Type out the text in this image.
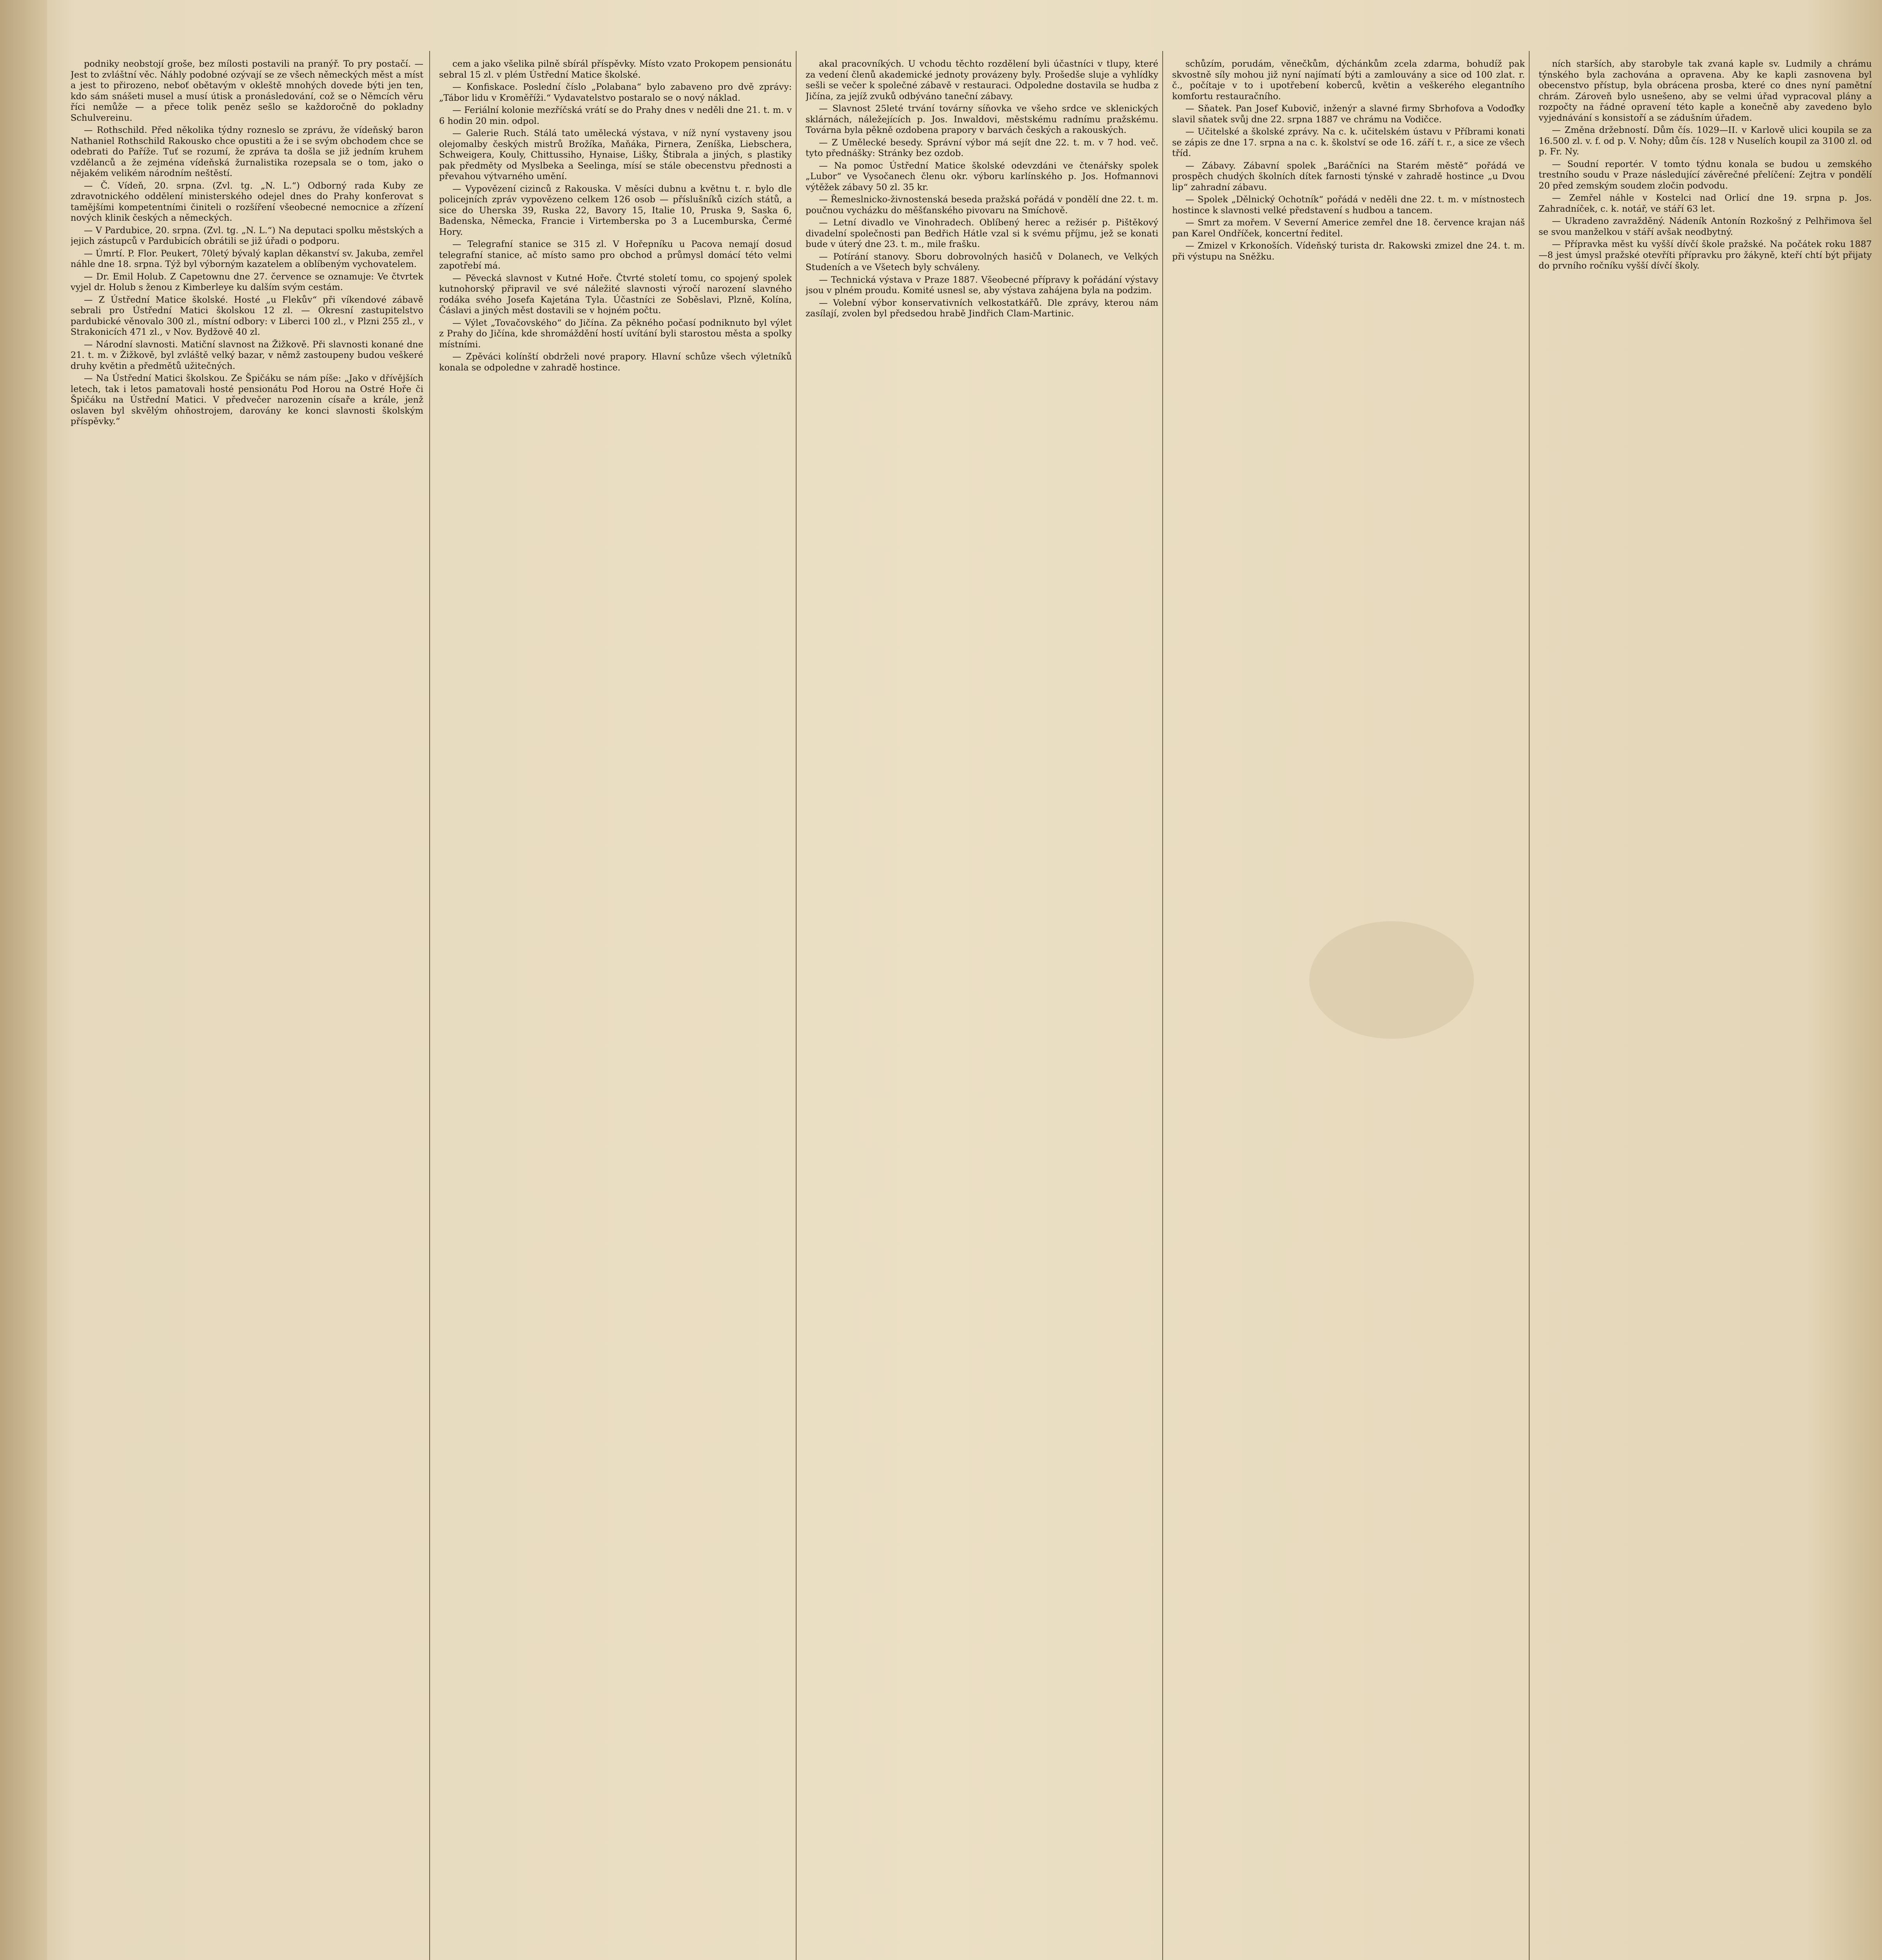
podniky neobstojí groše, bez mílosti postavili na pranýř. To pry postačí. — Jest to zvláštní věc. Náhly podobné ozývají se ze všech německých měst a míst a jest to přirozeno, neboť obětavým v okleště mnohých dovede býti jen ten, kdo sám snášeti musel a musí útisk a pronásledování, což se o Němcích věru říci nemůže — a přece tolik peněz sešlo se každoročně do pokladny Schulvereinu.

— Rothschild. Před několika týdny rozneslo se zprávu, že vídeňský baron Nathaniel Rothschild Rakousko chce opustiti a že i se svým obchodem chce se odebrati do Paříže. Tuť se rozumí, že zpráva ta došla se již jedním kruhem vzdělanců a že zejména vídeňská žurnalistika rozepsala se o tom, jako o nějakém velikém národním neštěstí.

— Č. Vídeň, 20. srpna. (Zvl. tg. „N. L.“) Odborný rada Kuby ze zdravotnického oddělení ministerského odejel dnes do Prahy konferovat s tamějšími kompetentními činiteli o rozšíření všeobecné nemocnice a zřízení nových klinik českých a německých.

— V Pardubice, 20. srpna. (Zvl. tg. „N. L.“) Na deputaci spolku městských a jejich zástupců v Pardubicích obrátili se již úřadi o podporu.

— Úmrtí. P. Flor. Peukert, 70letý bývalý kaplan děkanství sv. Jakuba, zemřel náhle dne 18. srpna. Týž byl výborným kazatelem a oblíbeným vychovatelem.

— Dr. Emil Holub. Z Capetownu dne 27. července se oznamuje: Ve čtvrtek vyjel dr. Holub s ženou z Kimberleye ku dalším svým cestám.

— Z Ústřední Matice školské. Hosté „u Flekův“ při víkendové zábavě sebrali pro Ústřední Matici školskou 12 zl. — Okresní zastupitelstvo pardubické věnovalo 300 zl., místní odbory: v Liberci 100 zl., v Plzni 255 zl., v Strakonicích 471 zl., v Nov. Bydžově 40 zl.

— Národní slavnosti. Matiční slavnost na Žižkově. Při slavnosti konané dne 21. t. m. v Žižkově, byl zvláště velký bazar, v němž zastoupeny budou veškeré druhy květin a předmětů užitečných.

— Na Ústřední Matici školskou. Ze Špičáku se nám píše: „Jako v dřívějších letech, tak i letos pamatovali hosté pensionátu Pod Horou na Ostré Hoře či Špičáku na Ústřední Matici. V předvečer narozenin císaře a krále, jenž oslaven byl skvělým ohňostrojem, darovány ke konci slavnosti školským příspěvky.“

cem a jako všelika pilně sbírál příspěvky. Místo vzato Prokopem pensionátu sebral 15 zl. v plém Ústřední Matice školské.

— Konfiskace. Poslední číslo „Polabana“ bylo zabaveno pro dvě zprávy: „Tábor lidu v Kroměříži.“ Vydavatelstvo postaralo se o nový náklad.

— Feriální kolonie mezříčská vrátí se do Prahy dnes v neděli dne 21. t. m. v 6 hodin 20 min. odpol.

— Galerie Ruch. Stálá tato umělecká výstava, v níž nyní vystaveny jsou olejomalby českých mistrů Brožíka, Maňáka, Pirnera, Zeníška, Liebschera, Schweigera, Kouly, Chittussiho, Hynaise, Lišky, Štibrala a jiných, s plastiky pak předměty od Myslbeka a Seelinga, mísí se stále obecenstvu přednosti a převahou výtvarného umění.

— Vypovězení cizinců z Rakouska. V měsíci dubnu a květnu t. r. bylo dle policejních zpráv vypovězeno celkem 126 osob — příslušníků cizích států, a sice do Uherska 39, Ruska 22, Bavory 15, Italie 10, Pruska 9, Saska 6, Badenska, Německa, Francie i Virtemberska po 3 a Lucemburska, Čermé Hory.

— Telegrafní stanice se 315 zl. V Hořepníku u Pacova nemají dosud telegrafní stanice, ač místo samo pro obchod a průmysl domácí této velmi zapotřebí má.

— Pěvecká slavnost v Kutné Hoře. Čtvrté století tomu, co spojený spolek kutnohorský připravil ve své náležité slavnosti výročí narození slavného rodáka svého Josefa Kajetána Tyla. Účastníci ze Soběslavi, Plzně, Kolína, Čáslavi a jiných měst dostavili se v hojném počtu.

— Výlet „Tovačovského“ do Jičína. Za pěkného počasí podniknuto byl výlet z Prahy do Jičína, kde shromáždění hostí uvítání byli starostou města a spolky místními.

— Zpěváci kolínští obdrželi nové prapory. Hlavní schůze všech výletníků konala se odpoledne v zahradě hostince.

akal pracovníkých. U vchodu těchto rozdělení byli účastníci v tlupy, které za vedení členů akademické jednoty provázeny byly. Prošedše sluje a vyhlídky sešli se večer k společné zábavě v restauraci. Odpoledne dostavila se hudba z Jičína, za jejíž zvuků odbýváno taneční zábavy.

— Slavnost 25leté trvání továrny síňovka ve všeho srdce ve sklenických sklárnách, náležejících p. Jos. Inwaldovi, městskému radnímu pražskému. Továrna byla pěkně ozdobena prapory v barvách českých a rakouských.

— Z Umělecké besedy. Správní výbor má sejít dne 22. t. m. v 7 hod. več. tyto přednášky: Stránky bez ozdob.

— Na pomoc Ústřední Matice školské odevzdáni ve čtenářsky spolek „Lubor“ ve Vysočanech členu okr. výboru karlínského p. Jos. Hofmannovi výtěžek zábavy 50 zl. 35 kr.

— Řemeslnicko-živnostenská beseda pražská pořádá v pondělí dne 22. t. m. poučnou vycházku do měšťanského pivovaru na Smíchově.

— Letní divadlo ve Vinohradech. Oblíbený herec a režisér p. Pištěkový divadelní společnosti pan Bedřich Hátle vzal si k svému příjmu, jež se konati bude v úterý dne 23. t. m., mile frašku.

— Potírání stanovy. Sboru dobrovolných hasičů v Dolanech, ve Velkých Studeních a ve Všetech byly schváleny.

— Technická výstava v Praze 1887. Všeobecné přípravy k pořádání výstavy jsou v plném proudu. Komité usnesl se, aby výstava zahájena byla na podzim.

— Volební výbor konservativních velkostatkářů. Dle zprávy, kterou nám zasílají, zvolen byl předsedou hrabě Jindřich Clam-Martinic.

schůzím, porudám, věnečkům, dýchánkům zcela zdarma, bohudíž pak skvostně síly mohou již nyní najímatí býti a zamlouvány a sice od 100 zlat. r. č., počítaje v to i upotřebení koberců, květin a veškerého elegantního komfortu restauračního.

— Sňatek. Pan Josef Kubovič, inženýr a slavné firmy Sbrhofova a Vodoďky slavil sňatek svůj dne 22. srpna 1887 ve chrámu na Vodičce.

— Učitelské a školské zprávy. Na c. k. učitelském ústavu v Příbrami konati se zápis ze dne 17. srpna a na c. k. školství se ode 16. září t. r., a sice ze všech tříd.

— Zábavy. Zábavní spolek „Baráčníci na Starém městě“ pořádá ve prospěch chudých školních dítek farnosti týnské v zahradě hostince „u Dvou lip“ zahradní zábavu.

— Spolek „Dělnický Ochotník“ pořádá v neděli dne 22. t. m. v místnostech hostince k slavnosti velké představení s hudbou a tancem.

— Smrt za mořem. V Severní Americe zemřel dne 18. července krajan náš pan Karel Ondříček, koncertní ředitel.

— Zmizel v Krkonoších. Vídeňský turista dr. Rakowski zmizel dne 24. t. m. při výstupu na Sněžku.

ních starších, aby starobyle tak zvaná kaple sv. Ludmily a chrámu týnského byla zachována a opravena. Aby ke kapli zasnovena byl obecenstvo přístup, byla obrácena prosba, které co dnes nyní pamětní chrám. Zároveň bylo usnešeno, aby se velmi úřad vypracoval plány a rozpočty na řádné opravení této kaple a konečně aby zavedeno bylo vyjednávání s konsistoří a se zádušním úřadem.

— Změna držebností. Dům čís. 1029—II. v Karlově ulici koupila se za 16.500 zl. v. f. od p. V. Nohy; dům čís. 128 v Nuselích koupil za 3100 zl. od p. Fr. Ny.

— Soudní reportér. V tomto týdnu konala se budou u zemského trestního soudu v Praze následující závěrečné přelíčení: Zejtra v pondělí 20 před zemským soudem zločin podvodu.

— Zemřel náhle v Kostelci nad Orlicí dne 19. srpna p. Jos. Zahradníček, c. k. notář, ve stáří 63 let.

— Ukradeno zavražděný. Nádeník Antonín Rozkošný z Pelhřimova šel se svou manželkou v stáří avšak neodbytný.

— Přípravka měst ku vyšší dívčí škole pražské. Na počátek roku 1887—8 jest úmysl pražské otevříti přípravku pro žákyně, kteří chtí být přijaty do prvního ročníku vyšší dívčí školy.
